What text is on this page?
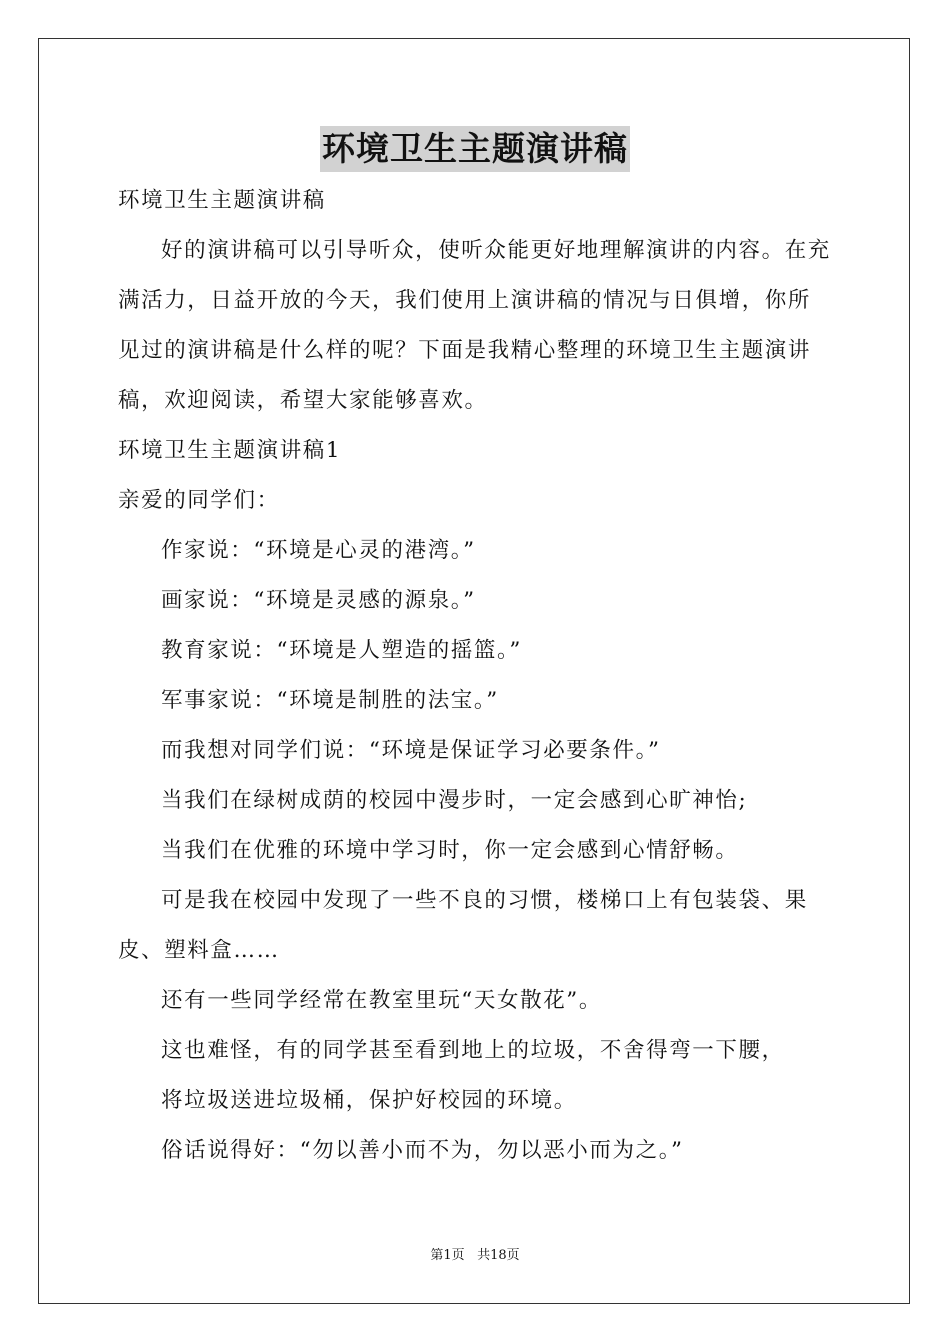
环境卫生主题演讲稿

环境卫生主题演讲稿

好的演讲稿可以引导听众，使听众能更好地理解演讲的内容。在充满活力，日益开放的今天，我们使用上演讲稿的情况与日俱增，你所见过的演讲稿是什么样的呢？下面是我精心整理的环境卫生主题演讲稿，欢迎阅读，希望大家能够喜欢。

环境卫生主题演讲稿1

亲爱的同学们：

作家说：“环境是心灵的港湾。”

画家说：“环境是灵感的源泉。”

教育家说：“环境是人塑造的摇篮。”

军事家说：“环境是制胜的法宝。”

而我想对同学们说：“环境是保证学习必要条件。”

当我们在绿树成荫的校园中漫步时，一定会感到心旷神怡;

当我们在优雅的环境中学习时，你一定会感到心情舒畅。

可是我在校园中发现了一些不良的习惯，楼梯口上有包装袋、果皮、塑料盒……

还有一些同学经常在教室里玩“天女散花”。

这也难怪，有的同学甚至看到地上的垃圾，不舍得弯一下腰，

将垃圾送进垃圾桶，保护好校园的环境。

俗话说得好：“勿以善小而不为，勿以恶小而为之。”

第1页 共18页
